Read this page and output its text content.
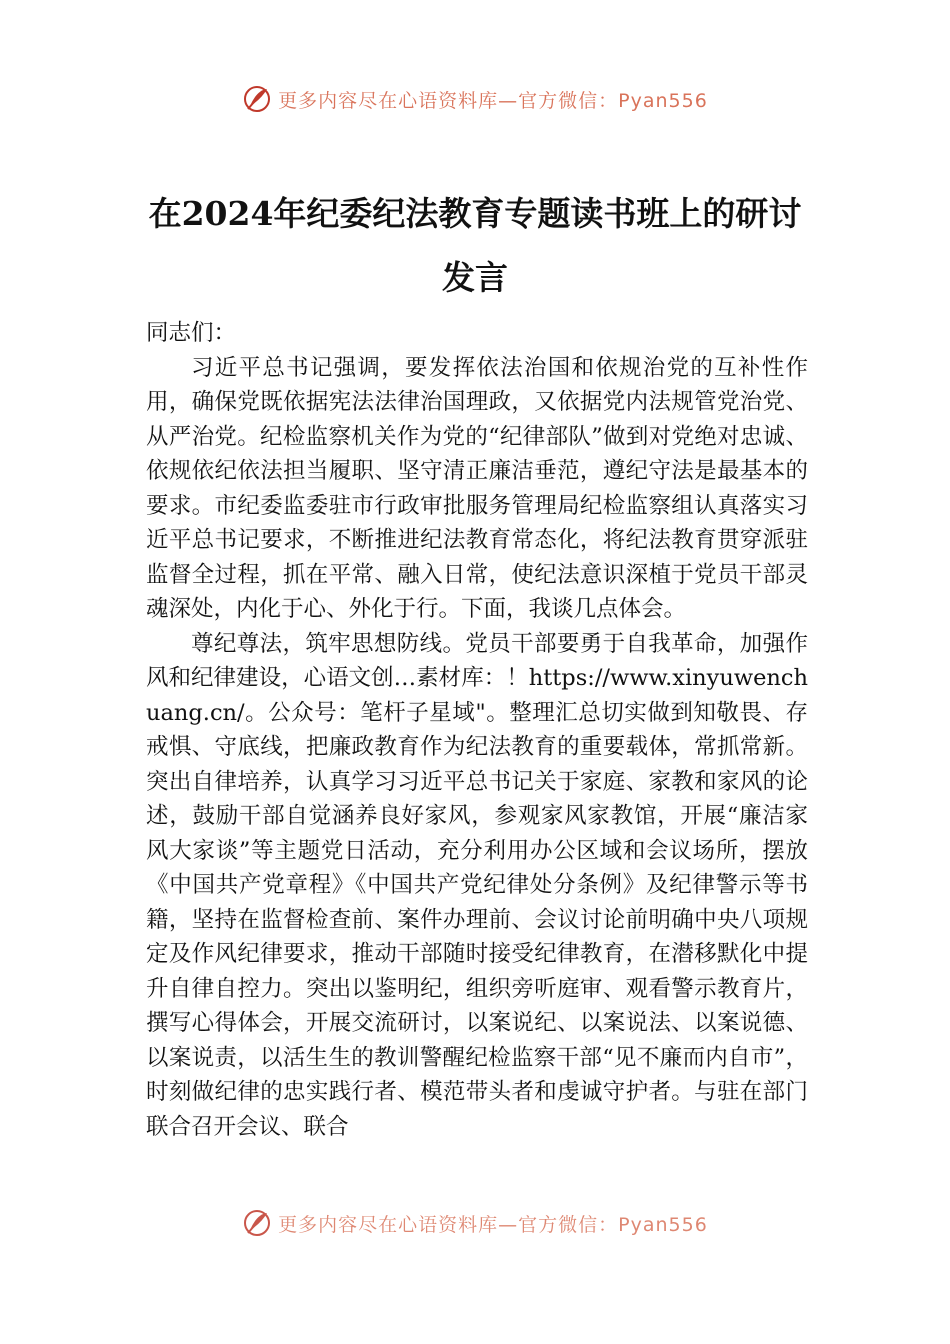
更多内容尽在心语资料库—官方微信：Pyan556
在2024年纪委纪法教育专题读书班上的研讨发言

同志们：

习近平总书记强调，要发挥依法治国和依规治党的互补性作用，确保党既依据宪法法律治国理政，又依据党内法规管党治党、从严治党。纪检监察机关作为党的“纪律部队”做到对党绝对忠诚、依规依纪依法担当履职、坚守清正廉洁垂范，遵纪守法是最基本的要求。市纪委监委驻市行政审批服务管理局纪检监察组认真落实习近平总书记要求，不断推进纪法教育常态化，将纪法教育贯穿派驻监督全过程，抓在平常、融入日常，使纪法意识深植于党员干部灵魂深处，内化于心、外化于行。下面，我谈几点体会。

尊纪尊法，筑牢思想防线。党员干部要勇于自我革命，加强作风和纪律建设，心语文创…素材库：！https://www.xinyuwenchuang.cn/。公众号：笔杆子星域"。整理汇总切实做到知敬畏、存戒惧、守底线，把廉政教育作为纪法教育的重要载体，常抓常新。突出自律培养，认真学习习近平总书记关于家庭、家教和家风的论述，鼓励干部自觉涵养良好家风，参观家风家教馆，开展“廉洁家风大家谈”等主题党日活动，充分利用办公区域和会议场所，摆放《中国共产党章程》《中国共产党纪律处分条例》及纪律警示等书籍，坚持在监督检查前、案件办理前、会议讨论前明确中央八项规定及作风纪律要求，推动干部随时接受纪律教育，在潜移默化中提升自律自控力。突出以鉴明纪，组织旁听庭审、观看警示教育片，撰写心得体会，开展交流研讨，以案说纪、以案说法、以案说德、以案说责，以活生生的教训警醒纪检监察干部“见不廉而内自市”，时刻做纪律的忠实践行者、模范带头者和虔诚守护者。与驻在部门联合召开会议、联合

更多内容尽在心语资料库—官方微信：Pyan556
